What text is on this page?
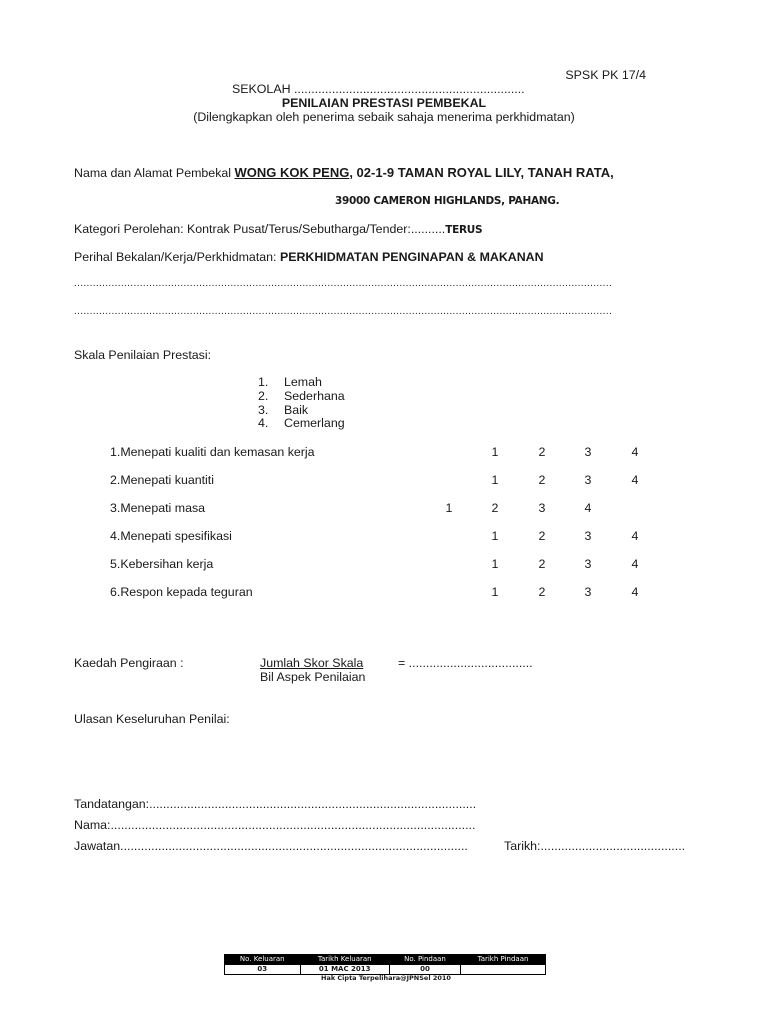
SPSK PK 17/4
SEKOLAH ...................................................................
PENILAIAN PRESTASI PEMBEKAL
(Dilengkapkan oleh penerima sebaik sahaja menerima perkhidmatan)
Nama dan Alamat Pembekal WONG KOK PENG, 02-1-9 TAMAN ROYAL LILY, TANAH RATA,
39000 CAMERON HIGHLANDS, PAHANG.
Kategori Perolehan: Kontrak Pusat/Terus/Sebutharga/Tender:..........TERUS
Perihal Bekalan/Kerja/Perkhidmatan: PERKHIDMATAN PENGINAPAN & MAKANAN
............................................................................................................................................................................
............................................................................................................................................................................
Skala Penilaian Prestasi:
1. Lemah
2. Sederhana
3. Baik
4. Cemerlang
1.Menepati kualiti dan kemasan kerja	1	2	3	4
2.Menepati kuantiti	1	2	3	4
3.Menepati masa	1	2	3	4
4.Menepati spesifikasi	1	2	3	4
5.Kebersihan kerja	1	2	3	4
6.Respon kepada teguran	1	2	3	4
Kaedah Pengiraan :	Jumlah Skor Skala
Bil Aspek Penilaian
= ....................................
Ulasan Keseluruhan Penilai:
Tandatangan:...............................................................................................
Nama:..........................................................................................................
Jawatan.....................................................................................................	Tarikh:..........................................
No. Keluaran	Tarikh Keluaran	No. Pindaan	Tarikh Pindaan
03	01 MAC 2013	00	
Hak Cipta Terpelihara@JPNSel 2010
